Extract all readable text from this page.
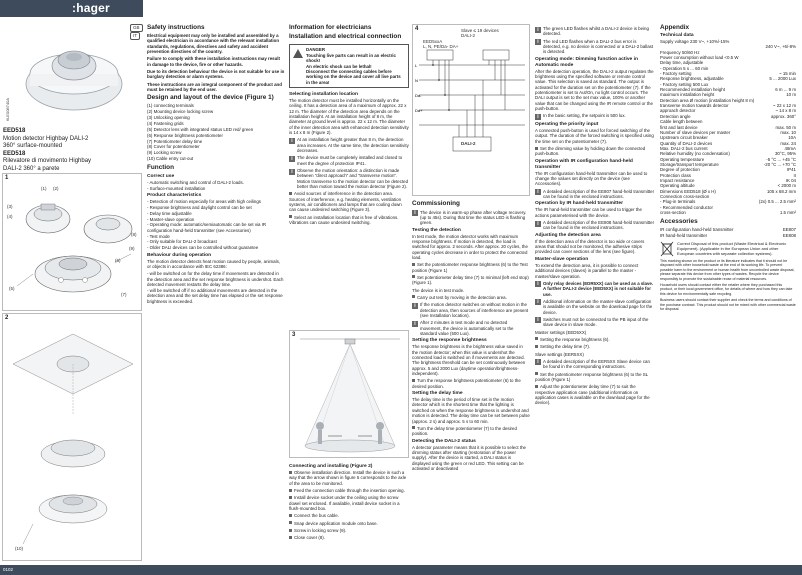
:hager
6LE008740A
GB
IT
EED518
Motion detector Highbay DALI-2
360° surface-mounted
EED518
Rilevatore di movimento Highbay
DALI-2 360° a parete
1
(1) (2)
(3)
(4)
(5)
(6)
(7)
(8)
(9)
2
(10)
Safety instructions

Electrical equipment may only be installed and assembled by a qualified electrician in accordance with the relevant installation standards, regulations, directives and safety and accident prevention directives of the country.

Failure to comply with these installation instructions may result in damage to the device, fire or other hazards.

Due to its detection behaviour the device is not suitable for use in burglary detection or alarm systems.

These instructions are an integral component of the product and must be retained by the end user.

Design and layout of the device (Figure 1)
(1) connecting terminals
(2) Mounting device locking screw
(3) Unlocking opening
(4) Fastening grids
(5) Detector lens with integrated status LED red/ green
(6) Response brightness potentiometer
(7) Potentiometer delay time
(8) Cover for potentiometer
(9) Locking screw
(10) Cable entry cut-out
Function
Correct use
- Automatic switching and control of DALI-2 loads.
- Surface-mounted installation
Product characteristics
- Detection of motion especially for areas with high ceilings
- Response brightness and daylight control can be set
- Delay time adjustable
- Master-slave operation
- Operating mode: automatic/semiautomatic can be set via IR configuration hand-held transmitter (see Accessories)
- Test mode
- Only suitable for DALI-2 broadcast
- Older DALI devices can be controlled without guarantee
Behaviour during operation

The motion detector detects heat motion caused by people, animals, or objects in accordance with IEC 62386:

- will be switched on for the delay time if movements are detected in the detection area and the set response brightness is undershot. Each detected movement restarts the delay time.
- will be switched off if no additional movements are detected in the detection area and the set delay time has elapsed or the set response brightness is exceeded.
Information for electricians
Installation and electrical connection
DANGER
Touching live parts can result in an electric shock!
An electric shock can be lethal!
Disconnect the connecting cables before working on the device and cover all live parts in the area!
Selecting installation location

The motion detector must be installed horizontally on the ceiling. It has a detection area of a maximum of approx. 22 x 12 m. The diameter of the detection area depends on the installation height. At an installation height of 8 m, the diameter at ground level is approx. 22 x 12 m. The diameter of the inner detection area with enhanced detection sensitivity is 14 x 8 m (Figure 2).

i At an installation height greater than 8 m, the detection area increases. At the same time, the detection sensitivity decreases.
i The device must be completely installed and closed to meet the degree of protection IP41.
i Observe the motion orientation: a distinction is made between "direct approach" and "transverse motion". Motion transverse to the motion detector can be detected better than motion toward the motion detector (Figure 2).

Avoid sources of interference in the detection area. Sources of interference, e.g. heating elements, ventilation systems, air conditioners and lamps that are cooling down can cause undesired switching (Figure 3).

Select an installation location that is free of vibrations. Vibrations can cause undesired switching.

3
Connecting and installing (Figure 2)

Observe installation direction. Install the device in such a way that the arrow shown in figure 5 corresponds to the axle of the area to be monitored.

Feed the connection cable through the insertion opening.

Install device socket under the ceiling using the screw dowel set enclosed. If available, install device socket in a flush-mounted box.

Connect the bus cable.

Snap device application module onto base.

Screw in locking screw (9).

Close cover (8).

4	Slave ≤ 19 devices
DALI-2
EED5xxA
L, N, PE/Da- DA+
L
N
Da-
Da+
DALI-2
Commissioning
i The device is in warm-up phase after voltage recovery. (up to 45s). During that time the status LED is flashing green.
Testing the detection

In test mode, the motion detector works with maximum response brightness. If motion is detected, the load is switched for approx. 2 seconds. After approx. 20 cycles, the operating cycles decrease in order to protect the connected load.

Set the potentiometer response brightness (6) to the Test position (Figure 1)

Set potentiometer delay time (7) to minimal (left end stop) (Figure 1).

The device is in test mode.

Carry out test by moving in the detection area.

i If the motion detector switches on without motion in the detection area, then sources of interference are present (see Installation location).
i After 2 minutes in test mode and no detected movement, the device is automatically set to the standard value (500 Lux).
Setting the response brightness

The response brightness is the brightness value saved in the motion detector; when this value is undershot the connected load is switched on if movements are detected. The brightness threshold can be set continuously between approx. 5 and 2000 Lux (daytime operation/brightness-independent).

Turn the response brightness potentiometer (6) to the desired position.

Setting the delay time

The delay time is the period of time set in the motion detector which is the shortest time that the lighting is switched on when the response brightness is undershot and motion is detected. The delay time can be set between pulse (approx. 2 s) and approx. 5 s to 60 min.

Turn the delay time potentiometer (7) to the desired position.

Detecting the DALI-2 status

A detector parameter means that it is possible to select the dimming status after starting (restoration of the power supply). After the device is started, a DALI status is displayed using the green or red LED. This setting can be activated or deactivated

i The green LED flashes whilst a DALI-2 device is being detected.
i The red LED flashes when a DALI-2 bus error is detected, e.g. no device is connected or a DALI-2 ballast is detected.
Operating mode: Dimming function active in Automatic mode

After the detection operation, the DALI-2 output regulates the brightness using the specified software or remote control value. This selection is saved as standard. The output is activated for the duration set on the potentiometer (7). If the potentiometer is set to Aut/On, no light control occurs. The DALI output is set to the set max value, 100% or another value that can be changed using the IR remote control or the push-button.

i In the basic setting, the setpoint is 500 lux.
Operating the priority input

A connected push-button is used for forced switching of the output. The duration of the forced switching is specified using the time set on the potentiometer (7).

Set the dimming value by holding down the connected push-button.

Operation with IR configuration hand-held transmitter

The IR configuration hand-held transmitter can be used to change the values set directly on the device (see Accessories).

i A detailed description of the EE807 hand-held transmitter can be found in the enclosed instructions.
Operation by IR hand-held transmitter

The IR hand-held transmitter can be used to trigger the actions parameterised with the device.

i A detailed description of the EE808 hand-held transmitter can be found in the enclosed instructions.
Adjusting the detection area

If the detection area of the detector is too wide or covers areas that should not be monitored, the adhesive strips provided can cover sections of the lens (see figure).

Master-slave operation

To extend the detection area, it is possible to connect additional devices (slaves) in parallel to the master - master/slave operation.

i Only relay devices (EDR5XX) can be used as a slave. A further DALI-2 device (EED5XX) is not suitable for use.
i Additional information on the master-slave configuration is available on the website on the download page for the device.
i Switches must not be connected to the PB input of the slave device in slave mode.

Master settings (EED5XX)

Setting the response brightness (6).

Setting the delay time (7).

Slave settings (EER5XX)

i A detailed description of the EER5XX Slave device can be found in the corresponding instructions.

Set the potentiometer response brightness (6) to the SL position (Figure 1)

Adjust the potentiometer delay time (7) to suit the respective application case (additional information on application cases is available on the download page for the device).

Appendix
Technical data
Supply voltage 230 V~, +10%/-15%
240 V~, +6/-8%
Frequency 50/60 Hz
Power consumption without load <0.5 W
Delay time, adjustable
- Operation 5 s ... 60 min
- Factory setting	~ 15 min
Response brightness, adjustable	5 ... 2000 Lux
- Factory setting 500 Lux
Recommended installation height	6 m ... 9 m
maximum installation height	10 m
Detection area Ø motion (installation height 8 m)
transverse motion towards detector	~ 22 x 12 m
approach detector	~ 14 x 8 m
Detection angle	approx. 360°
Cable length between
first and last device	max. 50 m
Number of slave devices per master	max. 10
Upstream circuit breaker	10A
Quantity of DALI-2 devices	max. 24
Max. DALI-2 bus current	48mA
Relative humidity (no condensation)	30°C, 95%
Operating temperature	-5 °C ... +45 °C
Storage/transport temperature	-20 °C ... +70 °C
Degree of protection	IP41
Protection class	II
Impact resistance	IK 04
Operating altitude	< 2000 m
Dimensions EED518 (Ø x H)	105 x 68.2 mm
Connection cross-section
- Plug-in terminals	(2x) 0.5 ... 2.5 mm²
- Recommended conductor
cross-section	1.5 mm²
Accessories
IR configuration hand-held transmitter	EE807
IR hand-held transmitter	EE808
Correct Disposal of this product (Waste Electrical & Electronic Equipment). (Applicable in the European Union and other European countries with separate collection systems).

This marking shown on the product or its literature indicates that it should not be disposed with other household waste at the end of its working life. To prevent possible harm to the environment or human health from uncontrolled waste disposal, please separate this device from other types of wastes. Recycle the device responsibly to promote the sustainable reuse of material resources.

Household users should contact either the retailer where they purchased this product, or their local government office, for details of where and how they can take this device for environmentally safe recycling.

Business users should contact their supplier and check the terms and conditions of the purchase contract. This product should not be mixed with other commercial waste for disposal.

0102
